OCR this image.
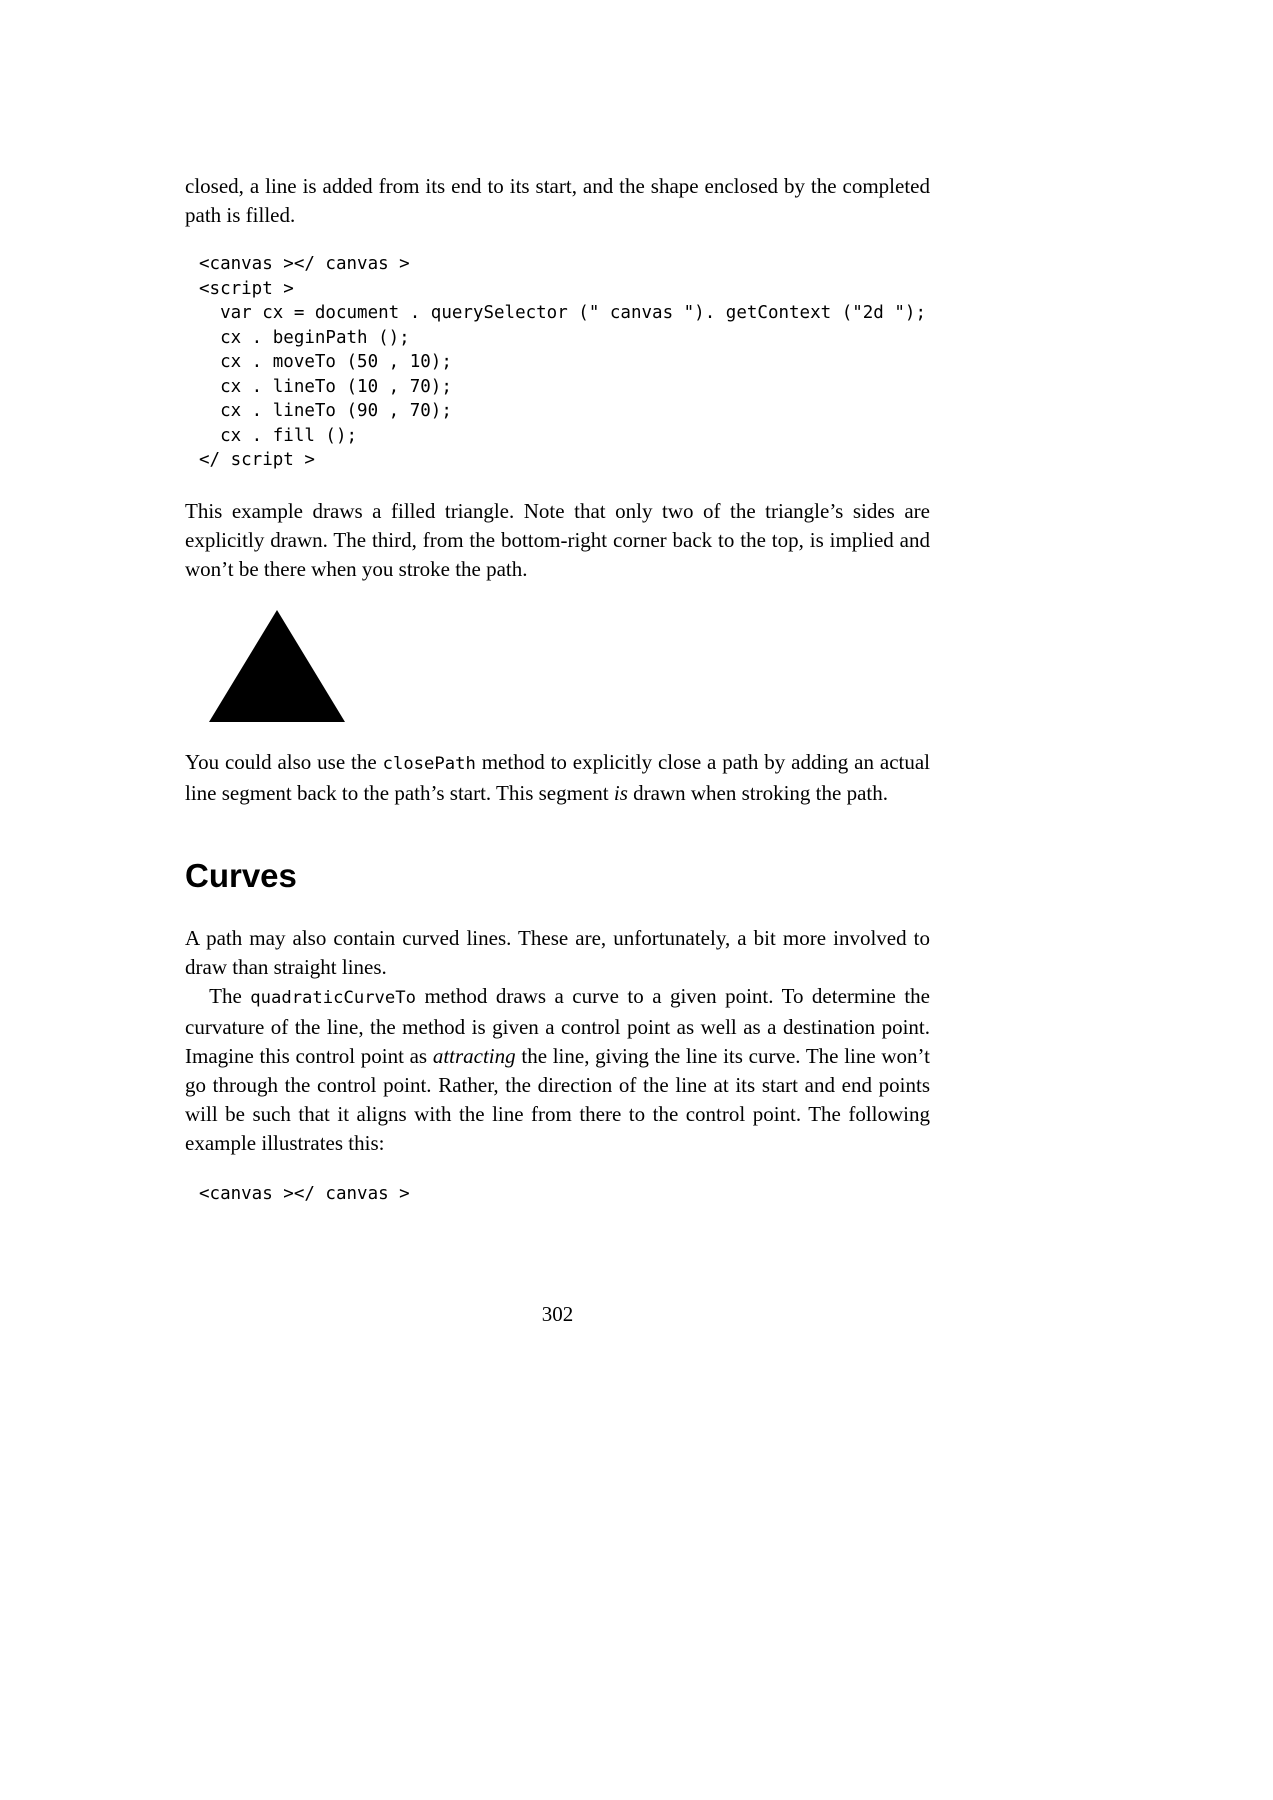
closed, a line is added from its end to its start, and the shape enclosed by the completed path is filled.

<canvas ></ canvas >
<script >
var cx = document . querySelector (" canvas "). getContext ("2d ");
cx . beginPath ();
cx . moveTo (50 , 10);
cx . lineTo (10 , 70);
cx . lineTo (90 , 70);
cx . fill ();
</ script >

This example draws a filled triangle. Note that only two of the triangle’s sides are explicitly drawn. The third, from the bottom-right corner back to the top, is implied and won’t be there when you stroke the path.

You could also use the closePath method to explicitly close a path by adding an actual line segment back to the path’s start. This segment is drawn when stroking the path.

Curves

A path may also contain curved lines. These are, unfortunately, a bit more involved to draw than straight lines.

The quadraticCurveTo method draws a curve to a given point. To determine the curvature of the line, the method is given a control point as well as a destination point. Imagine this control point as attracting the line, giving the line its curve. The line won’t go through the control point. Rather, the direction of the line at its start and end points will be such that it aligns with the line from there to the control point. The following example illustrates this:

<canvas ></ canvas >
302
